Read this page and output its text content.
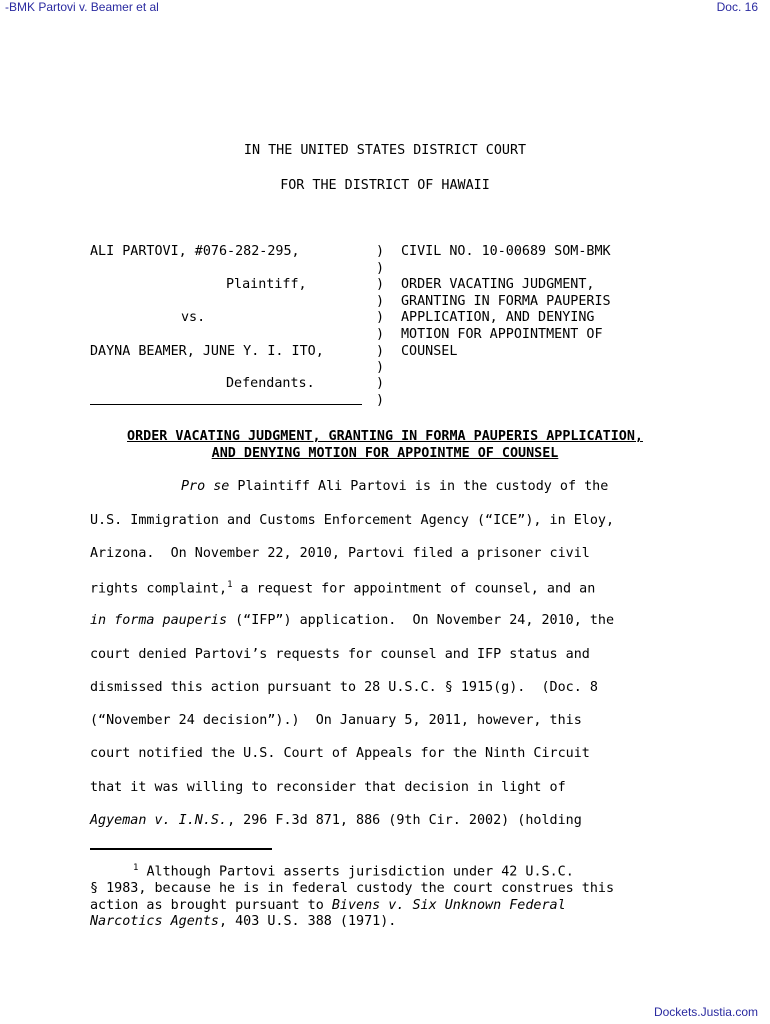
-BMK Partovi v. Beamer et al	Doc. 16
IN THE UNITED STATES DISTRICT COURT
FOR THE DISTRICT OF HAWAII
ALI PARTOVI, #076-282-295,
Plaintiff,
vs.
DAYNA BEAMER, JUNE Y. I. ITO,
Defendants.
)
)
)
)
)
)
)
)
)
)
CIVIL NO. 10-00689 SOM-BMK
ORDER VACATING JUDGMENT,
GRANTING IN FORMA PAUPERIS
APPLICATION, AND DENYING
MOTION FOR APPOINTMENT OF
COUNSEL
ORDER VACATING JUDGMENT, GRANTING IN FORMA PAUPERIS APPLICATION,
AND DENYING MOTION FOR APPOINTME OF COUNSEL
Pro se Plaintiff Ali Partovi is in the custody of the
U.S. Immigration and Customs Enforcement Agency (“ICE”), in Eloy,
Arizona.  On November 22, 2010, Partovi filed a prisoner civil
rights complaint,$^1$ a request for appointment of counsel, and an
in forma pauperis (“IFP”) application.  On November 24, 2010, the
court denied Partovi’s requests for counsel and IFP status and
dismissed this action pursuant to 28 U.S.C. § 1915(g).  (Doc. 8
(“November 24 decision”).)  On January 5, 2011, however, this
court notified the U.S. Court of Appeals for the Ninth Circuit
that it was willing to reconsider that decision in light of
Agyeman v. I.N.S., 296 F.3d 871, 886 (9th Cir. 2002) (holding
$^1$ Although Partovi asserts jurisdiction under 42 U.S.C.
§ 1983, because he is in federal custody the court construes this
action as brought pursuant to Bivens v. Six Unknown Federal
Narcotics Agents, 403 U.S. 388 (1971).
Dockets.Justia.com
